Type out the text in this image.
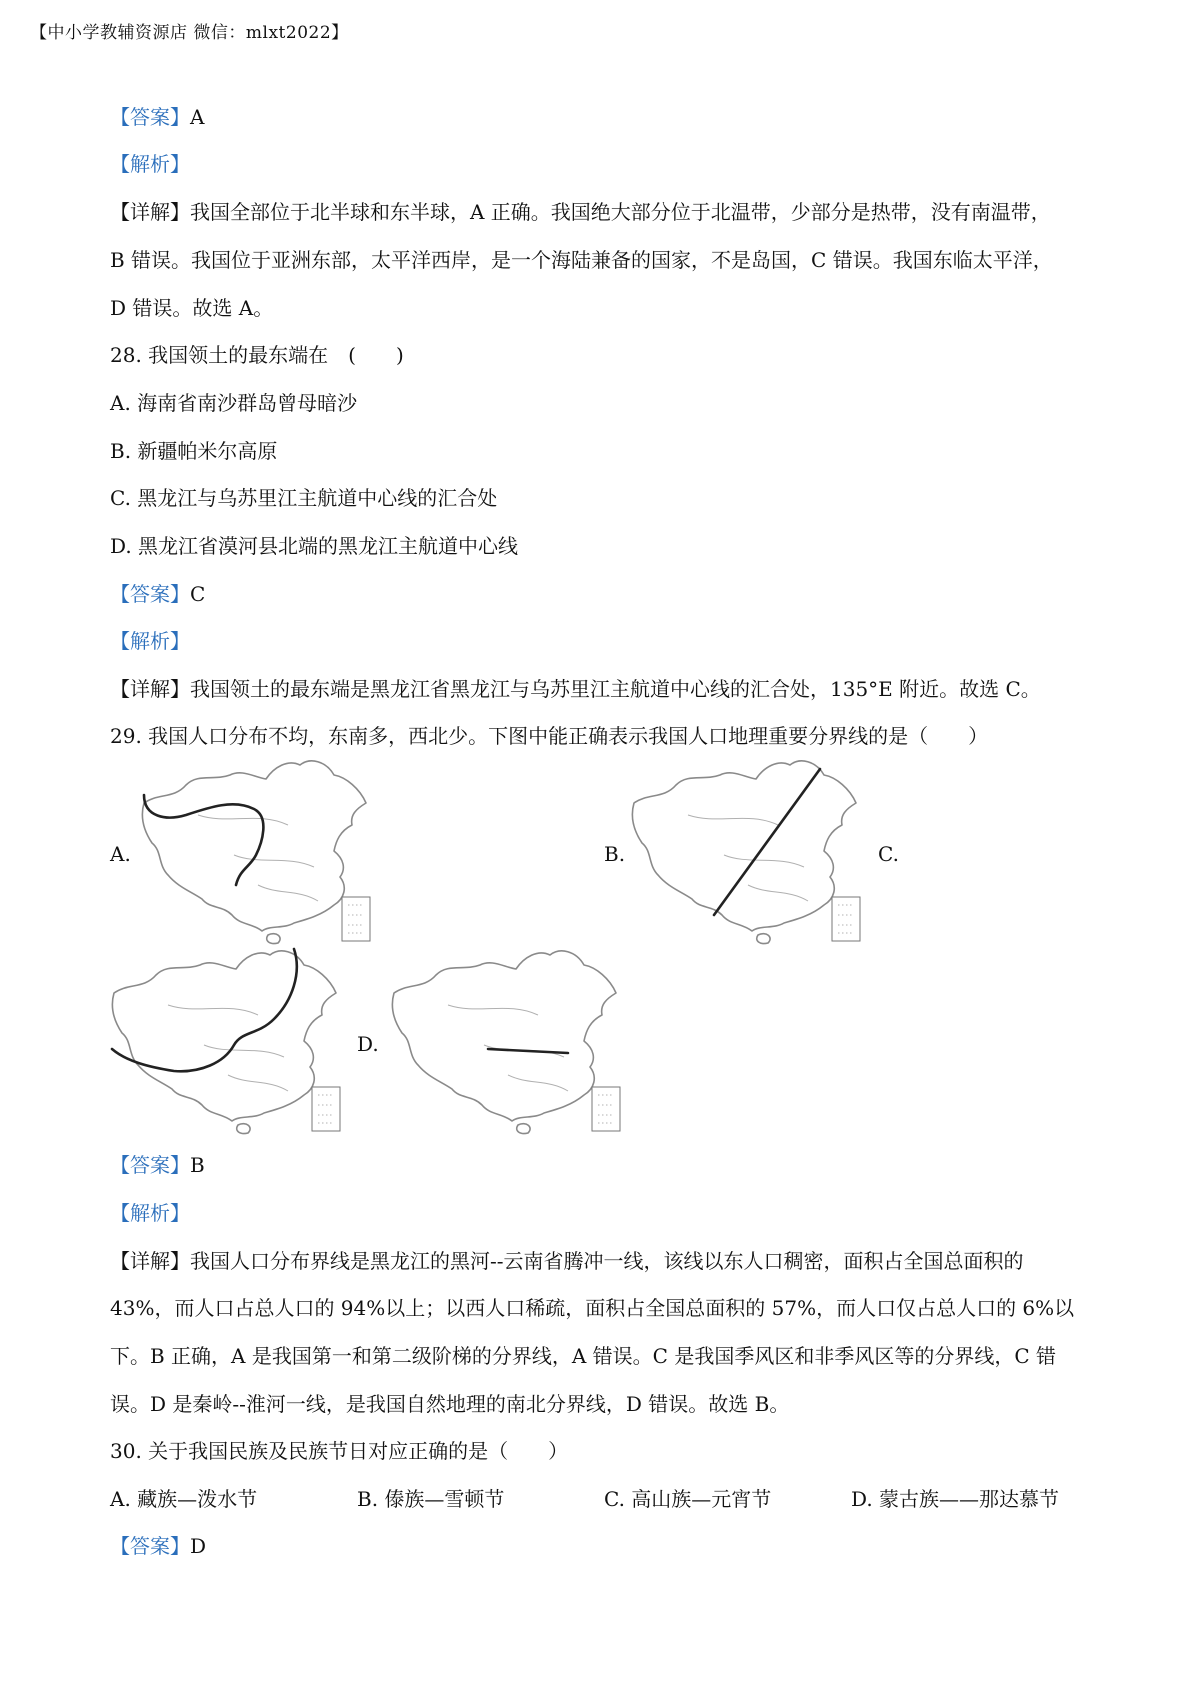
【中小学教辅资源店 微信：mlxt2022】
【答案】A
【解析】
【详解】我国全部位于北半球和东半球，A 正确。我国绝大部分位于北温带，少部分是热带，没有南温带，
B 错误。我国位于亚洲东部，太平洋西岸，是一个海陆兼备的国家，不是岛国，C 错误。我国东临太平洋，
D 错误。故选 A。
28. 我国领土的最东端在　(　　)
A. 海南省南沙群岛曾母暗沙
B. 新疆帕米尔高原
C. 黑龙江与乌苏里江主航道中心线的汇合处
D. 黑龙江省漠河县北端的黑龙江主航道中心线
【答案】C
【解析】
【详解】我国领土的最东端是黑龙江省黑龙江与乌苏里江主航道中心线的汇合处，135°E 附近。故选 C。
29. 我国人口分布不均，东南多，西北少。下图中能正确表示我国人口地理重要分界线的是（　　）
A.	B.	C.
D.
【答案】B
【解析】
【详解】我国人口分布界线是黑龙江的黑河--云南省腾冲一线，该线以东人口稠密，面积占全国总面积的
43%，而人口占总人口的 94%以上；以西人口稀疏，面积占全国总面积的 57%，而人口仅占总人口的 6%以
下。B 正确，A 是我国第一和第二级阶梯的分界线，A 错误。C 是我国季风区和非季风区等的分界线，C 错
误。D 是秦岭--淮河一线，是我国自然地理的南北分界线，D 错误。故选 B。
30. 关于我国民族及民族节日对应正确的是（　　）
A. 藏族—泼水节	B. 傣族—雪顿节	C. 高山族—元宵节	D. 蒙古族——那达慕节
【答案】D
